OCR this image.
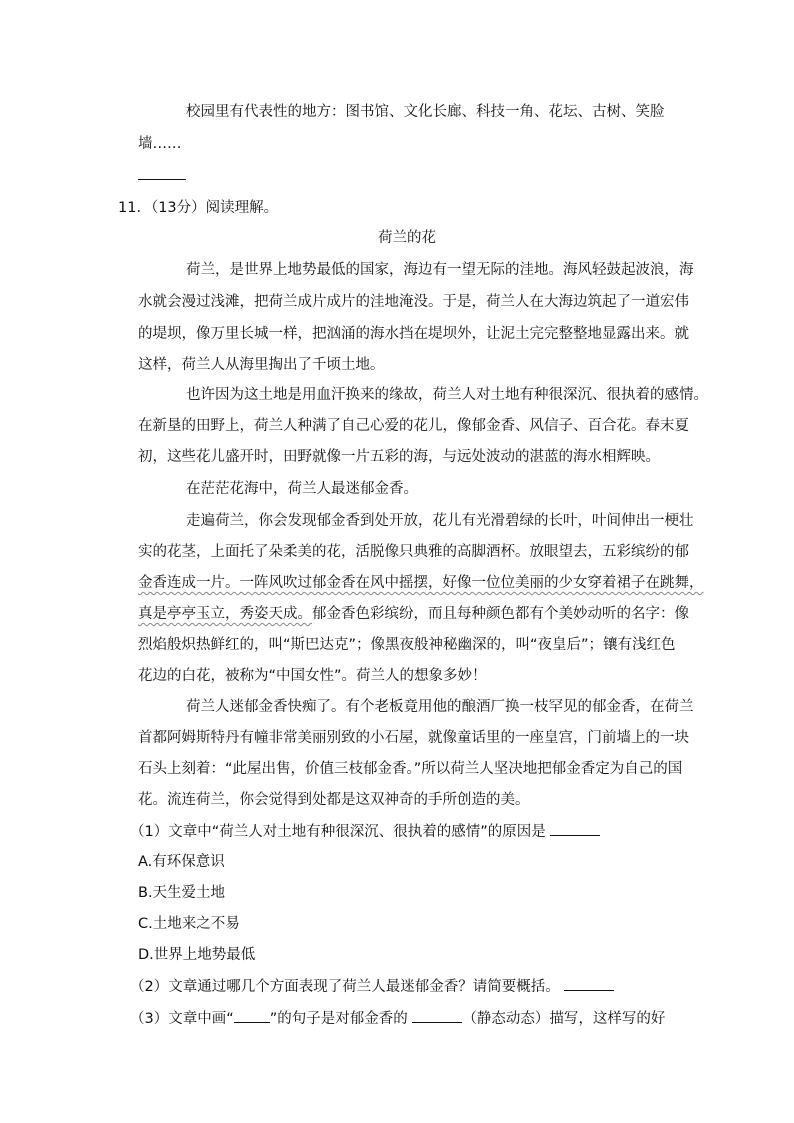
校园里有代表性的地方：图书馆、文化长廊、科技一角、花坛、古树、笑脸
墙……
11．（13分）阅读理解。
荷兰的花
荷兰，是世界上地势最低的国家，海边有一望无际的洼地。海风轻鼓起波浪，海
水就会漫过浅滩，把荷兰成片成片的洼地淹没。于是，荷兰人在大海边筑起了一道宏伟
的堤坝，像万里长城一样，把汹涌的海水挡在堤坝外，让泥土完完整整地显露出来。就
这样，荷兰人从海里掏出了千顷土地。
也许因为这土地是用血汗换来的缘故，荷兰人对土地有种很深沉、很执着的感情。
在新垦的田野上，荷兰人种满了自己心爱的花儿，像郁金香、风信子、百合花。春末夏
初，这些花儿盛开时，田野就像一片五彩的海，与远处波动的湛蓝的海水相辉映。
在茫茫花海中，荷兰人最迷郁金香。
走遍荷兰，你会发现郁金香到处开放，花儿有光滑碧绿的长叶，叶间伸出一梗壮
实的花茎，上面托了朵柔美的花，活脱像只典雅的高脚酒杯。放眼望去，五彩缤纷的郁
金香连成一片。一阵风吹过郁金香在风中摇摆，好像一位位美丽的少女穿着裙子在跳舞，
真是亭亭玉立，秀姿天成。郁金香色彩缤纷，而且每种颜色都有个美妙动听的名字：像
烈焰般炽热鲜红的，叫“斯巴达克”；像黑夜般神秘幽深的，叫“夜皇后”；镶有浅红色
花边的白花，被称为“中国女性”。荷兰人的想象多妙！
荷兰人迷郁金香快痴了。有个老板竟用他的酿酒厂换一枝罕见的郁金香，在荷兰
首都阿姆斯特丹有幢非常美丽别致的小石屋，就像童话里的一座皇宫，门前墙上的一块
石头上刻着：“此屋出售，价值三枝郁金香。”所以荷兰人坚决地把郁金香定为自己的国
花。流连荷兰，你会觉得到处都是这双神奇的手所创造的美。
（1）文章中“荷兰人对土地有种很深沉、很执着的感情”的原因是
A.有环保意识
B.天生爱土地
C.土地来之不易
D.世界上地势最低
（2）文章通过哪几个方面表现了荷兰人最迷郁金香？请简要概括。
（3）文章中画“ ”的句子是对郁金香的	（静态动态）描写，这样写的好
